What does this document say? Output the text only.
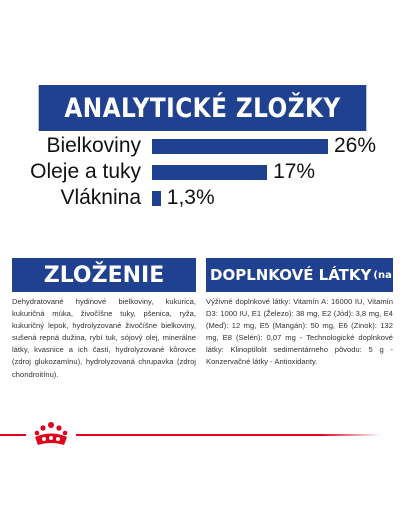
ANALYTICKÉ ZLOŽKY
Bielkoviny	26%
Oleje a tuky	17%
Vláknina 1,3%
ZLOŽENIE	DOPLNKOVÉ LÁTKY (na kg)
Dehydratované hydinové bielkoviny, kukurica, kukuričná múka, živočíšne tuky, pšenica, ryža, kukuričný lepok, hydrolyzované živočíšne bielkoviny, sušená repná dužina, rybí tuk, sójový olej, minerálne látky, kvasnice a ich časti, hydrolyzované kôrovce (zdroj glukozamínu), hydrolyzovaná chrupavka (zdroj chondroitínu).
Výživné doplnkové látky: Vitamín A: 16000 IU, Vitamín D3: 1000 IU, E1 (Železo): 38 mg, E2 (Jód): 3,8 mg, E4 (Meď): 12 mg, E5 (Mangán): 50 mg, E6 (Zinok): 132 mg, E8 (Selén): 0,07 mg - Technologické doplnkové látky: Klinoptilolit sedimentárneho pôvodu: 5 g - Konzervačné látky - Antioxidanty.
